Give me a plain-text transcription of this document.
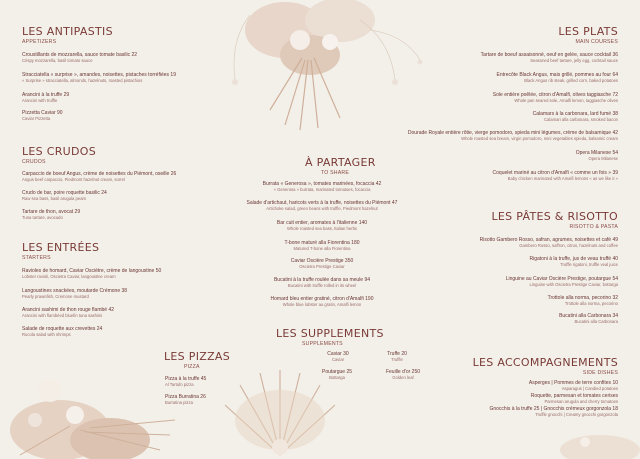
LES ANTIPASTIS
APPETIZERS
Croustillants de mozzarella, sauce tomate basilic 22
Crispy mozzarella, basil tomato sauce
Stracciatella « surprise », amandes, noisettes, pistaches torréfiées 19
« Surprise » stracciatella, almonds, hazelnuts, roasted pistachios
Arancini à la truffe 29
Arancini with truffle
Pizzetta Caviar 90
Caviar Pizzetta
LES CRUDOS
CRUDOS
Carpaccio de boeuf Angus, crème de noisettes du Piémont, oseille 26
Angus beef carpaccio, Piedmont hazelnut cream, sorrel
Crudo de bar, poire roquette basilic 24
Raw sea bass, basil arugula pears
Tartare de thon, avocat 29
Tuna tartare, avocado
LES ENTRÉES
STARTERS
Ravioles de homard, Caviar Osciètre, crème de langoustine 50
Lobster ravioli, Oscietra Caviar, langoustine cream
Langoustines snackées, moutarde Crémone 38
Pearly prawnfish, Cremone mustard
Arancini sashimi de thon rouge flambé 42
Arancini with flambéed bluefin tuna sashimi
Salade de roquette aux crevettes 24
Rucola salad with shrimps
LES PIZZAS
PIZZA
Pizza à la truffe 45
Al Tartufo pizza
Pizza Burratina 26
Burratina pizza
À PARTAGER
TO SHARE
Burrata « Generosa », tomates marinées, focaccia 42
« Generosa » burrata, marinated tomatoes, focaccia
Salade d'artichaut, haricots verts à la truffe, noisettes du Piémont 47
Artichoke salad, green beans with truffle, Piedmont hazelnut
Bar cuit entier, aromates à l'italienne 140
Whole roasted sea bass, Italian herbs
T-bone maturé alla Fiorentina 180
Matured T-bone alla Fiorentina
Caviar Oscière Prestige 350
Oscietra Prestige Caviar
Bucatini à la truffe roulée dans sa meule 94
Bucatini with truffle rolled in its wheel
Homard bleu entier gratiné, citron d'Amalfi 190
Whole blue lobster au gratin, Amalfi lemon
LES SUPPLEMENTS
SUPPLEMENTS
Caviar 30
Caviar
Truffe 20
Truffle
Poutargue 25
Bottarga
Feuille d'or 250
Golden leaf
LES PLATS
MAIN COURSES
Tartare de boeuf assaisonné, oeuf en gelée, sauce cocktail 36
Seasoned beef tartare, jelly egg, cocktail sauce
Entrecôte Black Angus, mais grillé, pommes au four 64
Black Angus rib steak, grilled corn, baked potatoes
Sole entière poêlée, citron d'Amalfi, olives taggiasche 72
Whole pan seared sole, Amalfi lemon, taggiasche olives
Calamars à la carbonara, lard fumé 38
Calamari alla carbonara, smoked bacon
Dourade Royale entière rôtie, vierge pomodoro, spieda mini légumes, crème de balsamique 42
Whole roasted sea bream, virgin pomodoro, mini vegetables spieda, balsamic cream
Opera Milanese 54
Opera Milanese
Coquelet mariné au citron d'Amalfi « comme un fois » 39
Baby chicken marinated with Amalfi lemons « as we like it »
LES PÂTES & RISOTTO
RISOTTO & PASTA
Risotto Gambero Rosso, safran, agrumes, noisettes et café 49
Gambero Rosso, saffron, citrus, hazelnuts and coffee
Rigatoni à la truffe, jus de veau truffé 40
Truffle rigatoni, truffle veal juice
Linguine au Caviar Oscière Prestige, poutargue 54
Linguine with Oscietra Prestige Caviar, bottarga
Trottole alla norma, pecorino 32
Trottole alla norma, pecorino
Bucatini alla Carbonara 34
Bucatini alla Carbonara
LES ACCOMPAGNEMENTS
SIDE DISHES
Asperges | Pommes de terre confites 10
Asparagus | Candied potatoes
Roquette, parmesan et tomates cerises
Parmesan arugula and cherry tomatoes
Gnocchis à la truffe 25 | Gnocchis crémeux gorgonzola 18
Truffle gnocchi | Creamy gnocchi gorgonzola
